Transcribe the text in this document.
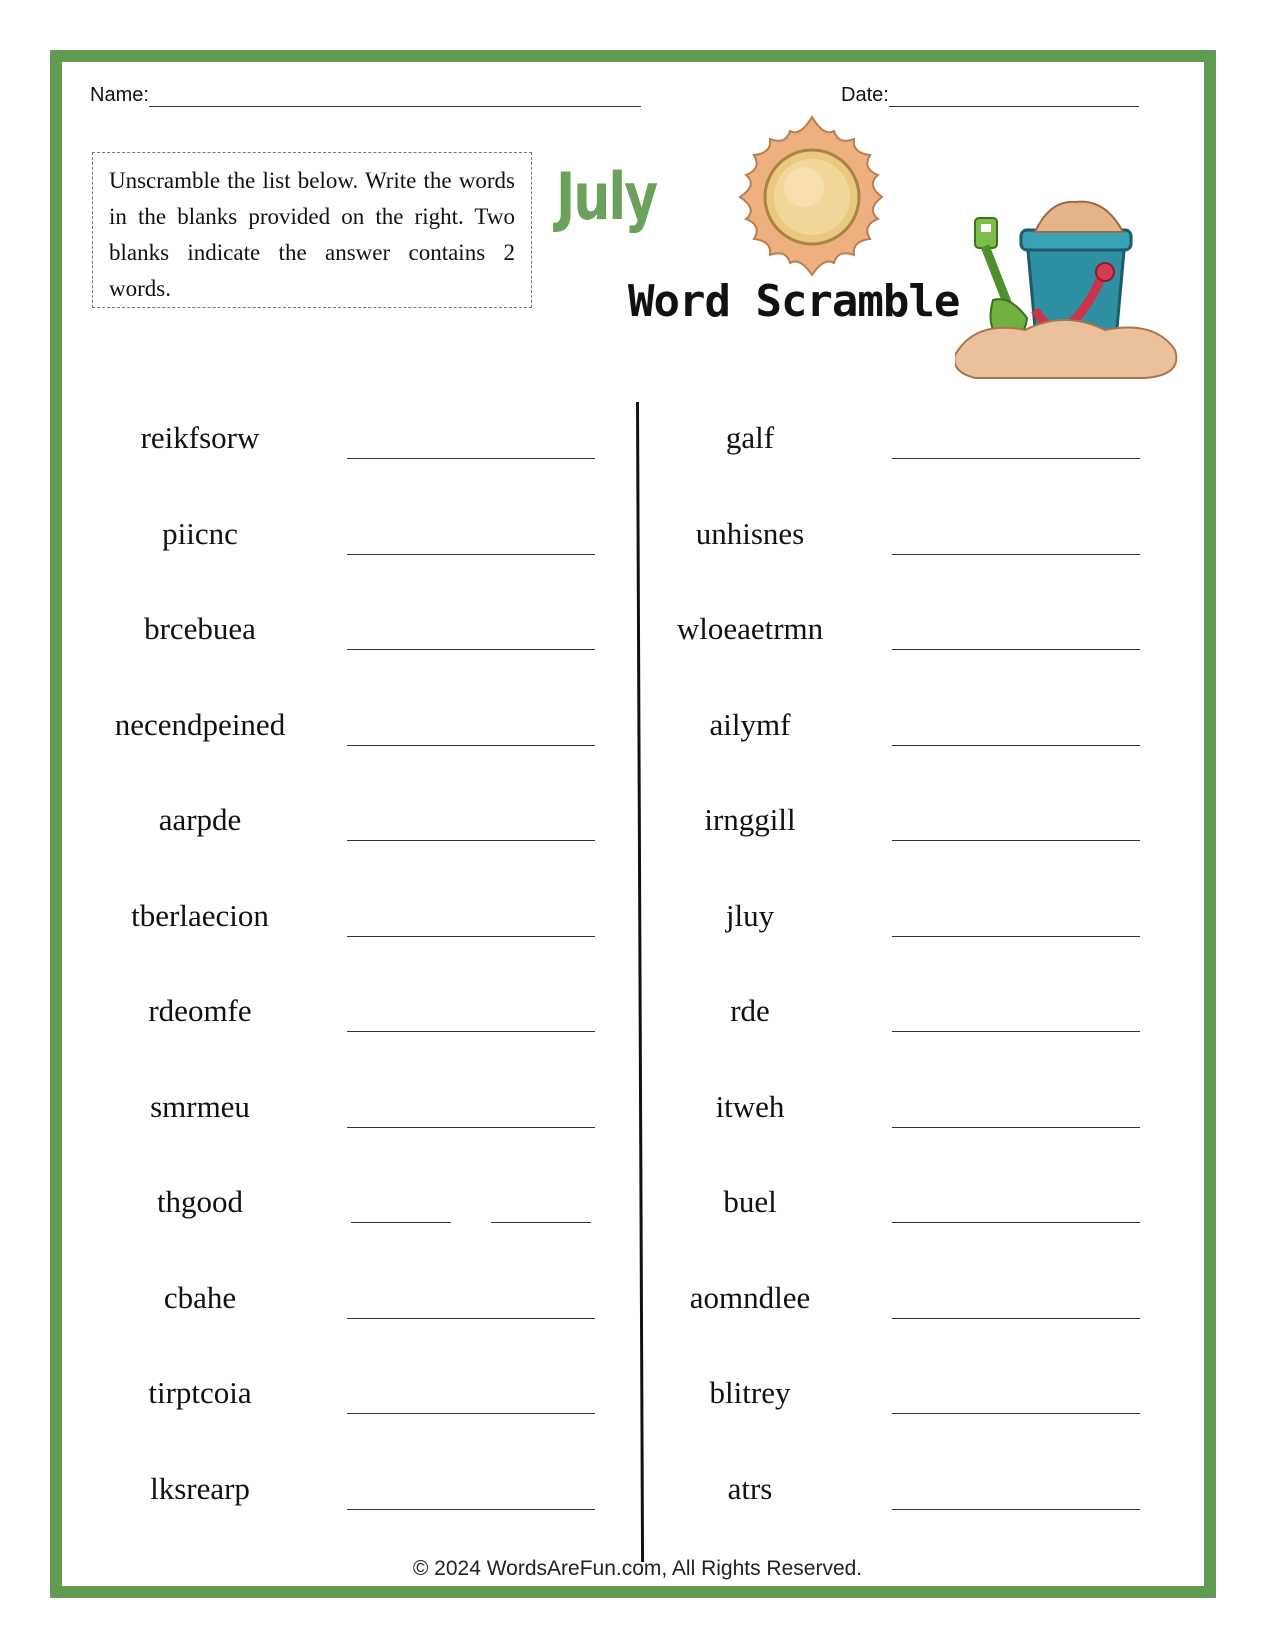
Name:	Date:
Unscramble the list below. Write the words in the blanks provided on the right. Two blanks indicate the answer contains 2 words.
July
Word Scramble
reikfsorw
piicnc
brcebuea
necendpeined
aarpde
tberlaecion
rdeomfe
smrmeu
thgood
cbahe
tirptcoia
lksrearp
galf
unhisnes
wloeaetrmn
ailymf
irnggill
jluy
rde
itweh
buel
aomndlee
blitrey
atrs
© 2024 WordsAreFun.com, All Rights Reserved.
